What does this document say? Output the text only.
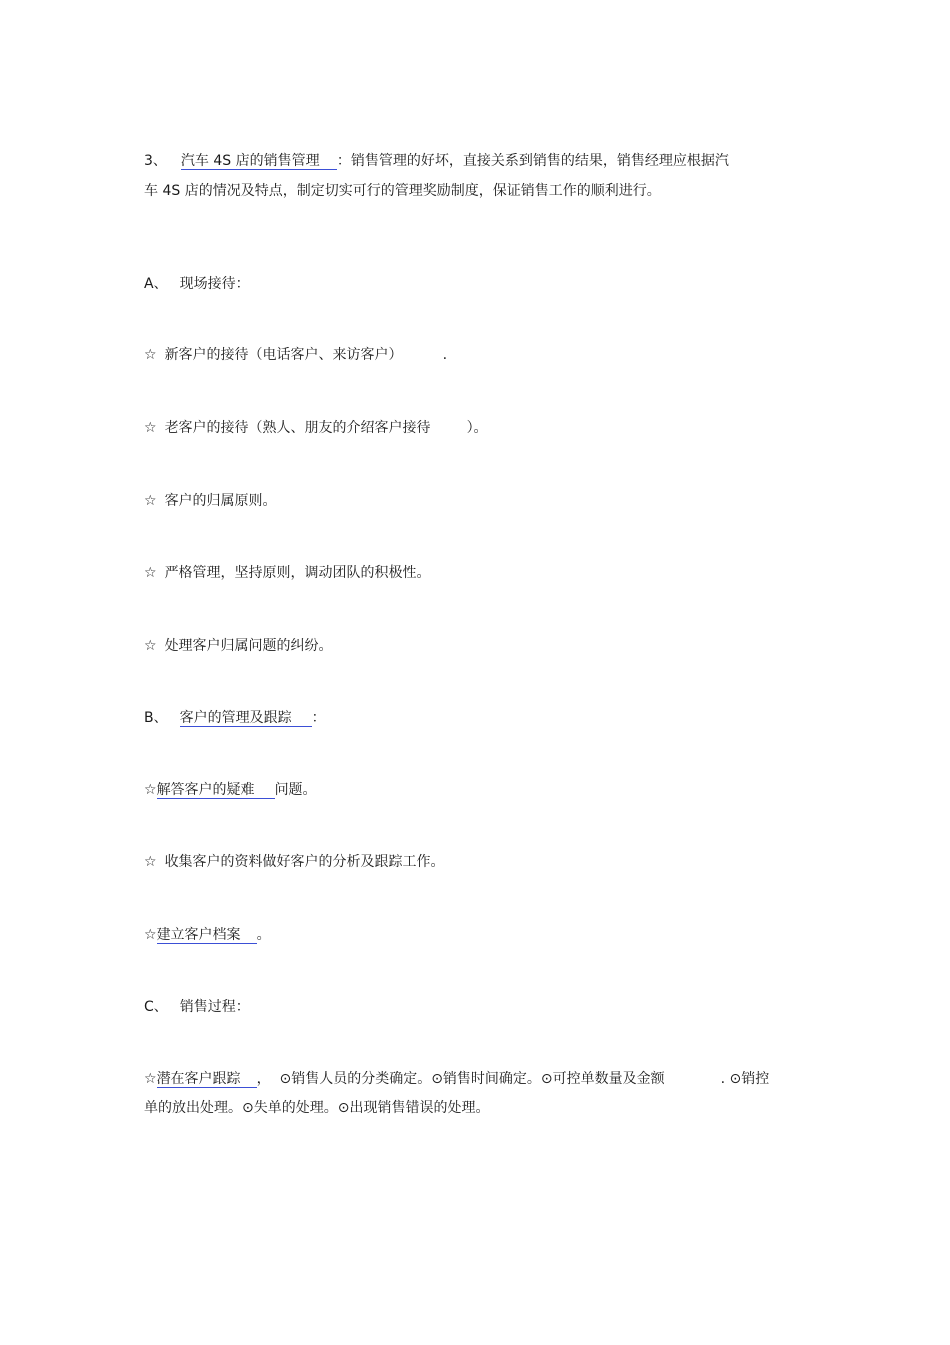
3、 汽车 4S 店的销售管理 ：销售管理的好坏，直接关系到销售的结果，销售经理应根据汽

车 4S 店的情况及特点，制定切实可行的管理奖励制度，保证销售工作的顺利进行。

A、 现场接待：

☆ 新客户的接待（电话客户、来访客户）	.

☆ 老客户的接待（熟人、朋友的介绍客户接待	）。

☆ 客户的归属原则。

☆ 严格管理，坚持原则，调动团队的积极性。

☆ 处理客户归属问题的纠纷。

B、 客户的管理及跟踪 ：

☆解答客户的疑难 问题。

☆ 收集客户的资料做好客户的分析及跟踪工作。

☆建立客户档案 。

C、 销售过程：

☆潜在客户跟踪 ，  ⊙销售人员的分类确定。⊙销售时间确定。⊙可控单数量及金额	. ⊙销控

单的放出处理。⊙失单的处理。⊙出现销售错误的处理。
